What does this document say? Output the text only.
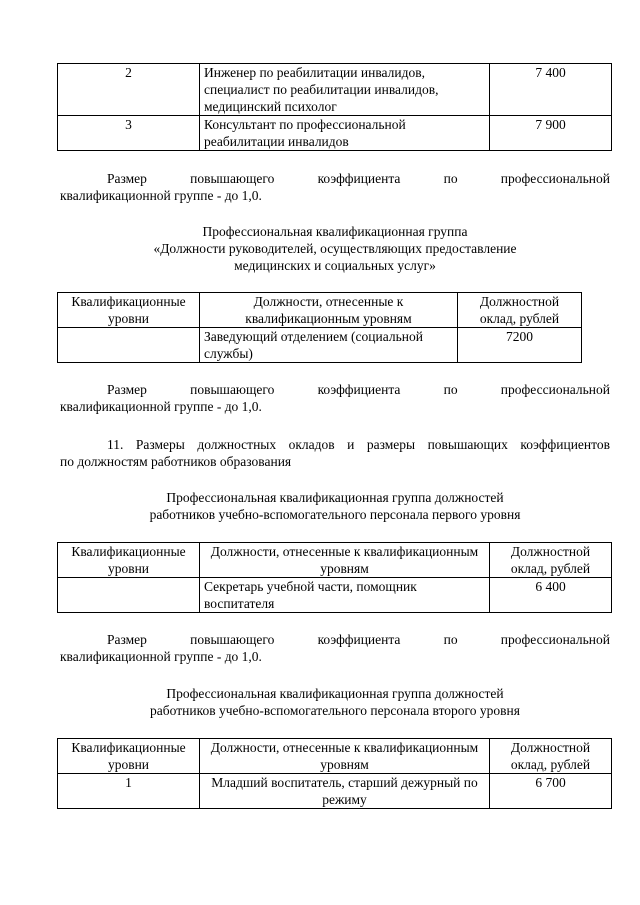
2	Инженер по реабилитации инвалидов, специалист по реабилитации инвалидов, медицинский психолог	7 400
3	Консультант по профессиональной реабилитации инвалидов	7 900
Размер повышающего коэффициента по профессиональной
квалификационной группе - до 1,0.
Профессиональная квалификационная группа
«Должности руководителей, осуществляющих предоставление
медицинских и социальных услуг»
Квалификационные уровни	Должности, отнесенные к квалификационным уровням	Должностной оклад, рублей
	Заведующий отделением (социальной службы)	7200
Размер повышающего коэффициента по профессиональной
квалификационной группе - до 1,0.
11. Размеры должностных окладов и размеры повышающих коэффициентов
по должностям работников образования
Профессиональная квалификационная группа должностей
работников учебно-вспомогательного персонала первого уровня
Квалификационные уровни	Должности, отнесенные к квалификационным уровням	Должностной оклад, рублей
	Секретарь учебной части, помощник воспитателя	6 400
Размер повышающего коэффициента по профессиональной
квалификационной группе - до 1,0.
Профессиональная квалификационная группа должностей
работников учебно-вспомогательного персонала второго уровня
Квалификационные уровни	Должности, отнесенные к квалификационным уровням	Должностной оклад, рублей
1	Младший воспитатель, старший дежурный по режиму	6 700
